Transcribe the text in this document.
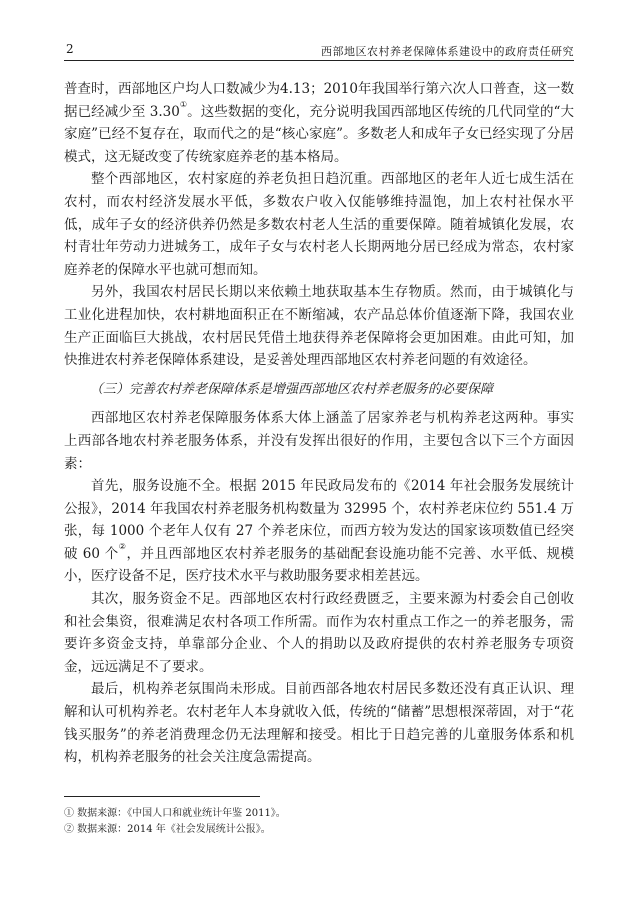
2	西部地区农村养老保障体系建设中的政府责任研究

普查时，西部地区户均人口数减少为4.13；2010年我国举行第六次人口普查，这一数据已经减少至 3.30①。这些数据的变化，充分说明我国西部地区传统的几代同堂的“大家庭”已经不复存在，取而代之的是“核心家庭”。多数老人和成年子女已经实现了分居模式，这无疑改变了传统家庭养老的基本格局。

整个西部地区，农村家庭的养老负担日趋沉重。西部地区的老年人近七成生活在农村，而农村经济发展水平低，多数农户收入仅能够维持温饱，加上农村社保水平低，成年子女的经济供养仍然是多数农村老人生活的重要保障。随着城镇化发展，农村青壮年劳动力进城务工，成年子女与农村老人长期两地分居已经成为常态，农村家庭养老的保障水平也就可想而知。

另外，我国农村居民长期以来依赖土地获取基本生存物质。然而，由于城镇化与工业化进程加快，农村耕地面积正在不断缩减，农产品总体价值逐渐下降，我国农业生产正面临巨大挑战，农村居民凭借土地获得养老保障将会更加困难。由此可知，加快推进农村养老保障体系建设，是妥善处理西部地区农村养老问题的有效途径。

（三）完善农村养老保障体系是增强西部地区农村养老服务的必要保障

西部地区农村养老保障服务体系大体上涵盖了居家养老与机构养老这两种。事实上西部各地农村养老服务体系，并没有发挥出很好的作用，主要包含以下三个方面因素：

首先，服务设施不全。根据 2015 年民政局发布的《2014 年社会服务发展统计公报》，2014 年我国农村养老服务机构数量为 32995 个，农村养老床位约 551.4 万张，每 1000 个老年人仅有 27 个养老床位，而西方较为发达的国家该项数值已经突破 60 个②，并且西部地区农村养老服务的基础配套设施功能不完善、水平低、规模小，医疗设备不足，医疗技术水平与救助服务要求相差甚远。

其次，服务资金不足。西部地区农村行政经费匮乏，主要来源为村委会自己创收和社会集资，很难满足农村各项工作所需。而作为农村重点工作之一的养老服务，需要许多资金支持，单靠部分企业、个人的捐助以及政府提供的农村养老服务专项资金，远远满足不了要求。

最后，机构养老氛围尚未形成。目前西部各地农村居民多数还没有真正认识、理解和认可机构养老。农村老年人本身就收入低，传统的“储蓄”思想根深蒂固，对于“花钱买服务”的养老消费理念仍无法理解和接受。相比于日趋完善的儿童服务体系和机构，机构养老服务的社会关注度急需提高。

① 数据来源：《中国人口和就业统计年鉴 2011》。

② 数据来源：2014 年《社会发展统计公报》。
